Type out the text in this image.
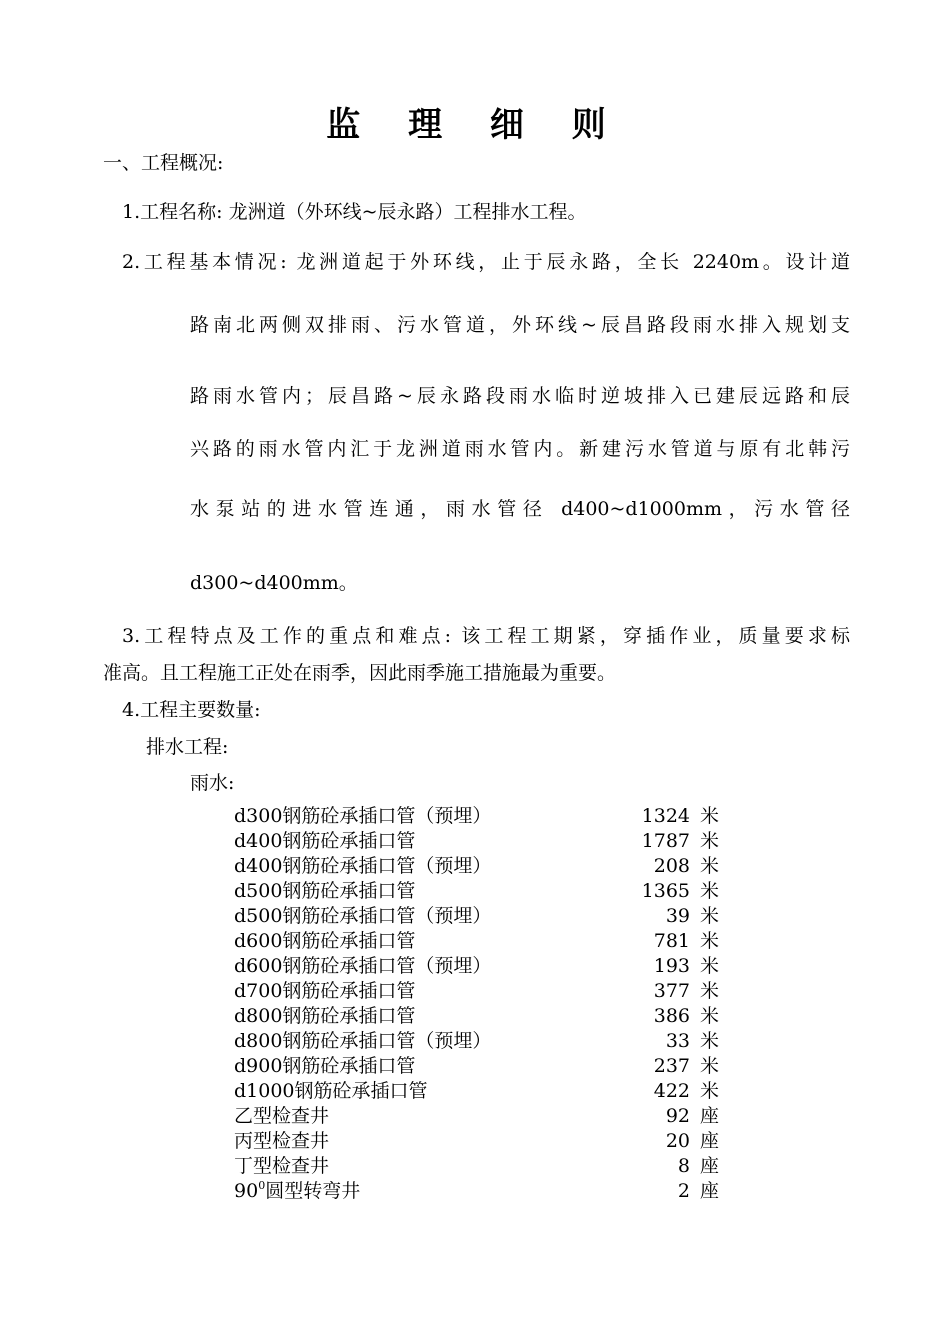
监 理 细 则
一、工程概况:
1.工程名称: 龙洲道（外环线~辰永路）工程排水工程。
2.工程基本情况: 龙洲道起于外环线，止于辰永路，全长 2240m。设计道
路南北两侧双排雨、污水管道，外环线~辰昌路段雨水排入规划支
路雨水管内；辰昌路~辰永路段雨水临时逆坡排入已建辰远路和辰
兴路的雨水管内汇于龙洲道雨水管内。新建污水管道与原有北韩污
水泵站的进水管连通，雨水管径 d400~d1000mm，污水管径
d300~d400mm。
3.工程特点及工作的重点和难点: 该工程工期紧，穿插作业，质量要求标
准高。且工程施工正处在雨季，因此雨季施工措施最为重要。
4.工程主要数量:
排水工程:
雨水:
d300钢筋砼承插口管（预埋）	1324 米
d400钢筋砼承插口管	1787 米
d400钢筋砼承插口管（预埋）	208 米
d500钢筋砼承插口管	1365 米
d500钢筋砼承插口管（预埋）	39 米
d600钢筋砼承插口管	781 米
d600钢筋砼承插口管（预埋）	193 米
d700钢筋砼承插口管	377 米
d800钢筋砼承插口管	386 米
d800钢筋砼承插口管（预埋）	33 米
d900钢筋砼承插口管	237 米
d1000钢筋砼承插口管	422 米
乙型检查井	92 座
丙型检查井	20 座
丁型检查井	8 座
$90^0$圆型转弯井	2 座
